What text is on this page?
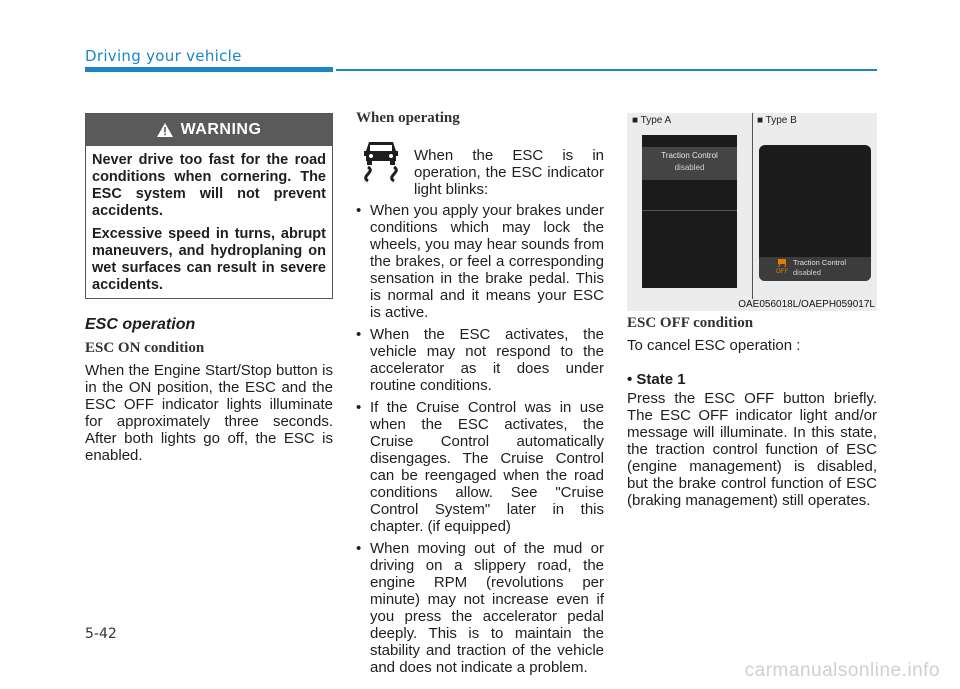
Driving your vehicle
WARNING

Never drive too fast for the road conditions when cornering. The ESC system will not prevent accidents.

Excessive speed in turns, abrupt maneuvers, and hydroplaning on wet surfaces can result in severe accidents.

ESC operation
ESC ON condition

When the Engine Start/Stop button is in the ON position, the ESC and the ESC OFF indicator lights illuminate for approximately three seconds. After both lights go off, the ESC is enabled.

When operating

When the ESC is in operation, the ESC indicator light blinks:

• When you apply your brakes under conditions which may lock the wheels, you may hear sounds from the brakes, or feel a corresponding sensation in the brake pedal. This is normal and it means your ESC is active.
• When the ESC activates, the vehicle may not respond to the accelerator as it does under routine conditions.
• If the Cruise Control was in use when the ESC activates, the Cruise Control automatically disengages. The Cruise Control can be reengaged when the road conditions allow. See "Cruise Control System" later in this chapter. (if equipped)
• When moving out of the mud or driving on a slippery road, the engine RPM (revolutions per minute) may not increase even if you press the accelerator pedal deeply. This is to maintain the stability and traction of the vehicle and does not indicate a problem.
■ Type A	■ Type B
Traction Control
disabled
OFF
Traction Control
disabled
OAE056018L/OAEPH059017L
ESC OFF condition

To cancel ESC operation :

• State 1

Press the ESC OFF button briefly. The ESC OFF indicator light and/or message will illuminate. In this state, the traction control function of ESC (engine management) is disabled, but the brake control function of ESC (braking management) still operates.

5-42
carmanualsonline.info
